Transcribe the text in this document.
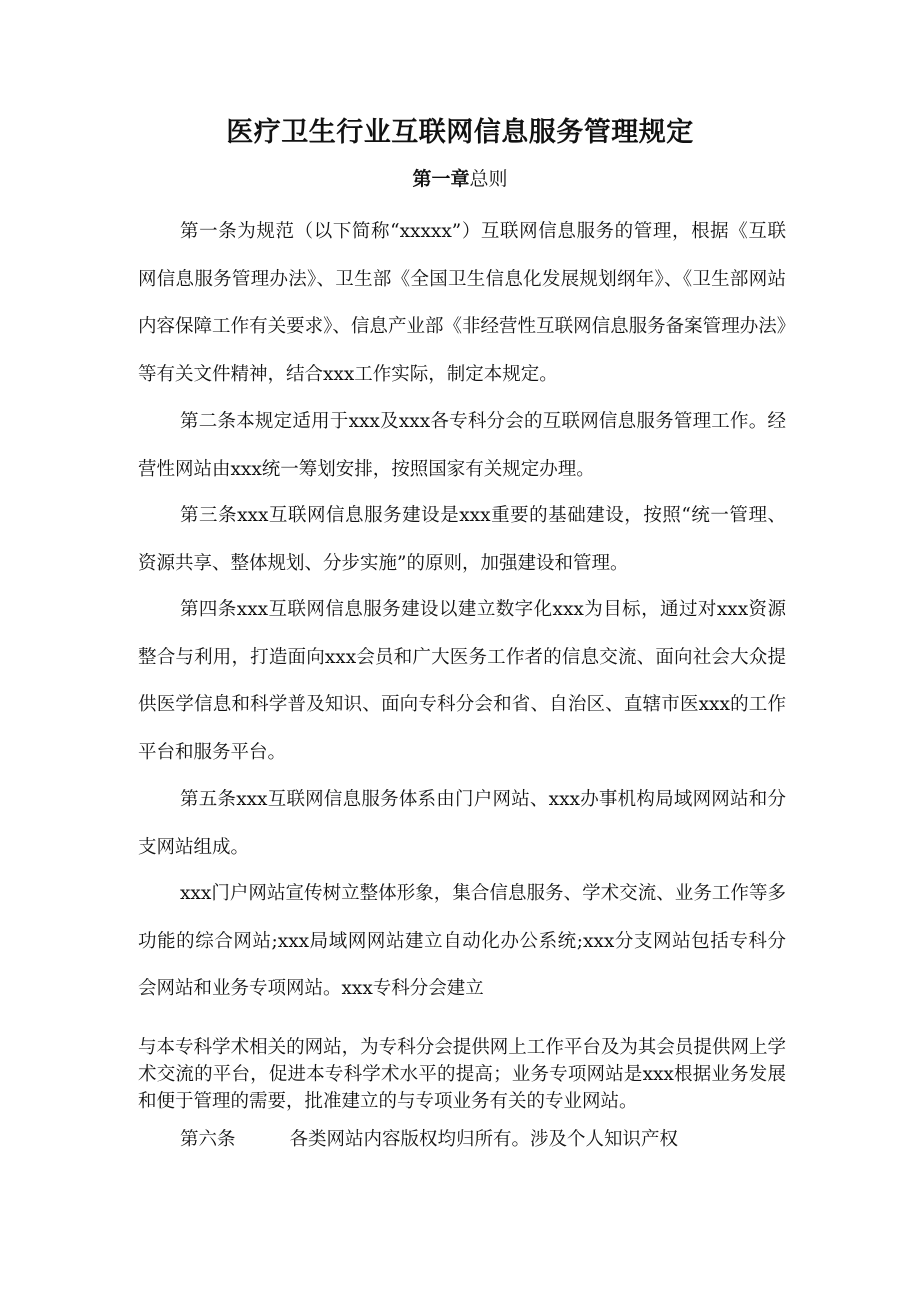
医疗卫生行业互联网信息服务管理规定
第一章总则

第一条为规范（以下简称“xxxxx”）互联网信息服务的管理，根据《互联网信息服务管理办法》、卫生部《全国卫生信息化发展规划纲年》、《卫生部网站内容保障工作有关要求》、信息产业部《非经营性互联网信息服务备案管理办法》等有关文件精神，结合xxx工作实际，制定本规定。

第二条本规定适用于xxx及xxx各专科分会的互联网信息服务管理工作。经营性网站由xxx统一筹划安排，按照国家有关规定办理。

第三条xxx互联网信息服务建设是xxx重要的基础建设，按照“统一管理、资源共享、整体规划、分步实施”的原则，加强建设和管理。

第四条xxx互联网信息服务建设以建立数字化xxx为目标，通过对xxx资源整合与利用，打造面向xxx会员和广大医务工作者的信息交流、面向社会大众提供医学信息和科学普及知识、面向专科分会和省、自治区、直辖市医xxx的工作平台和服务平台。

第五条xxx互联网信息服务体系由门户网站、xxx办事机构局域网网站和分支网站组成。

xxx门户网站宣传树立整体形象，集合信息服务、学术交流、业务工作等多功能的综合网站;xxx局域网网站建立自动化办公系统;xxx分支网站包括专科分会网站和业务专项网站。xxx专科分会建立

与本专科学术相关的网站，为专科分会提供网上工作平台及为其会员提供网上学术交流的平台，促进本专科学术水平的提高；业务专项网站是xxx根据业务发展和便于管理的需要，批准建立的与专项业务有关的专业网站。

第六条	各类网站内容版权均归所有。涉及个人知识产权
